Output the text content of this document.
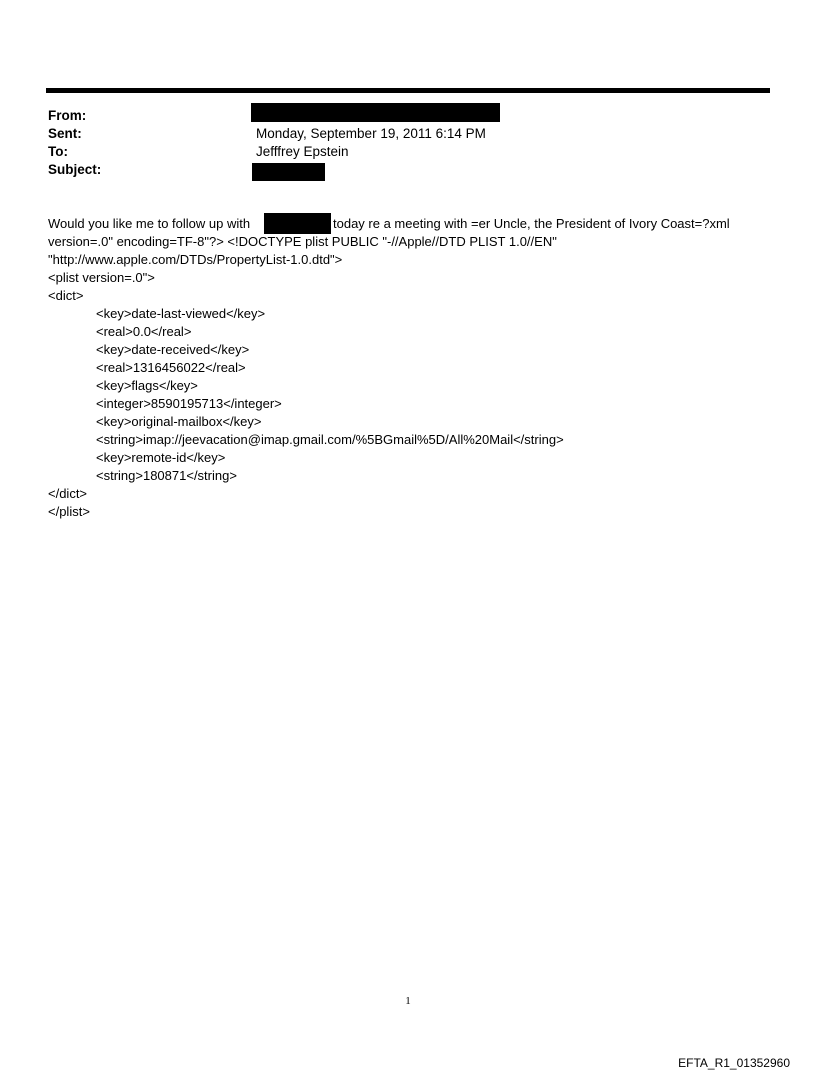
From:
Sent:	Monday, September 19, 2011 6:14 PM
To:	Jefffrey Epstein
Subject:
Would you like me to follow up with	today re a meeting with =er Uncle, the President of Ivory Coast=?xml
version=.0" encoding=TF-8"?> <!DOCTYPE plist PUBLIC "-//Apple//DTD PLIST 1.0//EN"
"http://www.apple.com/DTDs/PropertyList-1.0.dtd">
<plist version=.0">
<dict>
<key>date-last-viewed</key>
<real>0.0</real>
<key>date-received</key>
<real>1316456022</real>
<key>flags</key>
<integer>8590195713</integer>
<key>original-mailbox</key>
<string>imap://jeevacation@imap.gmail.com/%5BGmail%5D/All%20Mail</string>
<key>remote-id</key>
<string>180871</string>
</dict>
</plist>
1
EFTA_R1_01352960
